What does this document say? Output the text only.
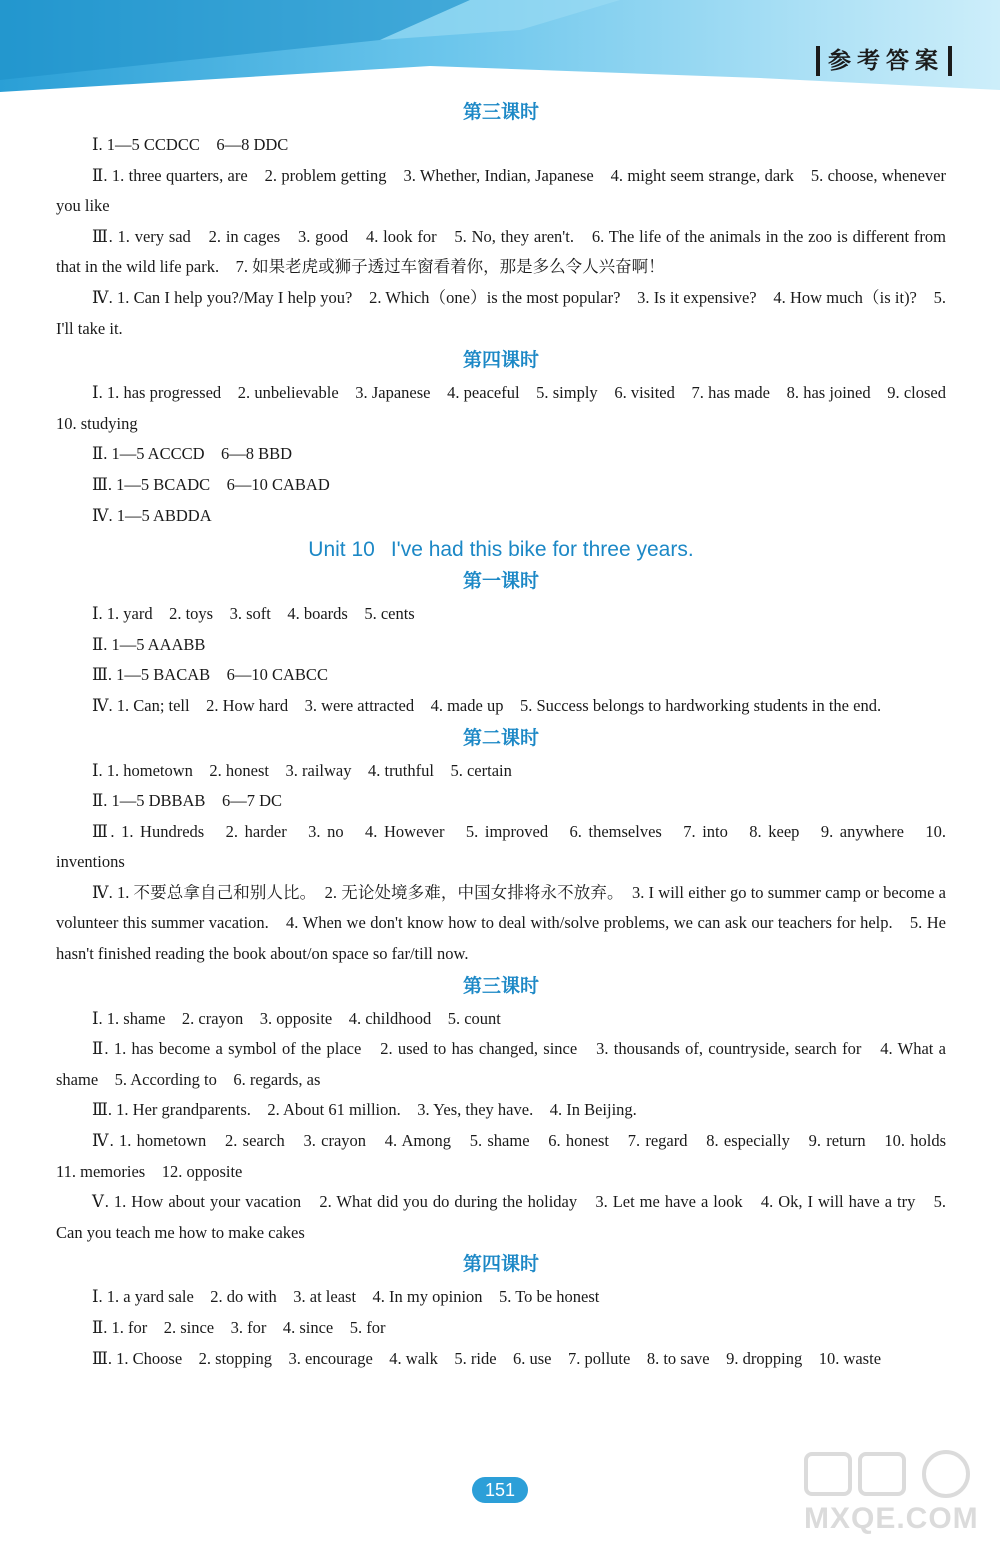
参考答案
第三课时
Ⅰ. 1—5 CCDCC　6—8 DDC
Ⅱ. 1. three quarters, are　2. problem getting　3. Whether, Indian, Japanese　4. might seem strange, dark　5. choose, whenever you like
Ⅲ. 1. very sad　2. in cages　3. good　4. look for　5. No, they aren't.　6. The life of the animals in the zoo is different from that in the wild life park.　7. 如果老虎或狮子透过车窗看着你，那是多么令人兴奋啊！
Ⅳ. 1. Can I help you?/May I help you?　2. Which（one）is the most popular?　3. Is it expensive?　4. How much（is it)?　5. I'll take it.
第四课时
Ⅰ. 1. has progressed　2. unbelievable　3. Japanese　4. peaceful　5. simply　6. visited　7. has made　8. has joined　9. closed　10. studying
Ⅱ. 1—5 ACCCD　6—8 BBD
Ⅲ. 1—5 BCADC　6—10 CABAD
Ⅳ. 1—5 ABDDA
Unit 10 I've had this bike for three years.
第一课时
Ⅰ. 1. yard　2. toys　3. soft　4. boards　5. cents
Ⅱ. 1—5 AAABB
Ⅲ. 1—5 BACAB　6—10 CABCC
Ⅳ. 1. Can; tell　2. How hard　3. were attracted　4. made up　5. Success belongs to hardworking students in the end.
第二课时
Ⅰ. 1. hometown　2. honest　3. railway　4. truthful　5. certain
Ⅱ. 1—5 DBBAB　6—7 DC
Ⅲ. 1. Hundreds　2. harder　3. no　4. However　5. improved　6. themselves　7. into　8. keep　9. anywhere　10. inventions
Ⅳ. 1. 不要总拿自己和别人比。　2. 无论处境多难，中国女排将永不放弃。　3. I will either go to summer camp or become a volunteer this summer vacation.　4. When we don't know how to deal with/solve problems, we can ask our teachers for help.　5. He hasn't finished reading the book about/on space so far/till now.
第三课时
Ⅰ. 1. shame　2. crayon　3. opposite　4. childhood　5. count
Ⅱ. 1. has become a symbol of the place　2. used to has changed, since　3. thousands of, countryside, search for　4. What a shame　5. According to　6. regards, as
Ⅲ. 1. Her grandparents.　2. About 61 million.　3. Yes, they have.　4. In Beijing.
Ⅳ. 1. hometown　2. search　3. crayon　4. Among　5. shame　6. honest　7. regard　8. especially　9. return　10. holds　11. memories　12. opposite
Ⅴ. 1. How about your vacation　2. What did you do during the holiday　3. Let me have a look　4. Ok, I will have a try　5. Can you teach me how to make cakes
第四课时
Ⅰ. 1. a yard sale　2. do with　3. at least　4. In my opinion　5. To be honest
Ⅱ. 1. for　2. since　3. for　4. since　5. for
Ⅲ. 1. Choose　2. stopping　3. encourage　4. walk　5. ride　6. use　7. pollute　8. to save　9. dropping　10. waste
151
MXQE.COM
